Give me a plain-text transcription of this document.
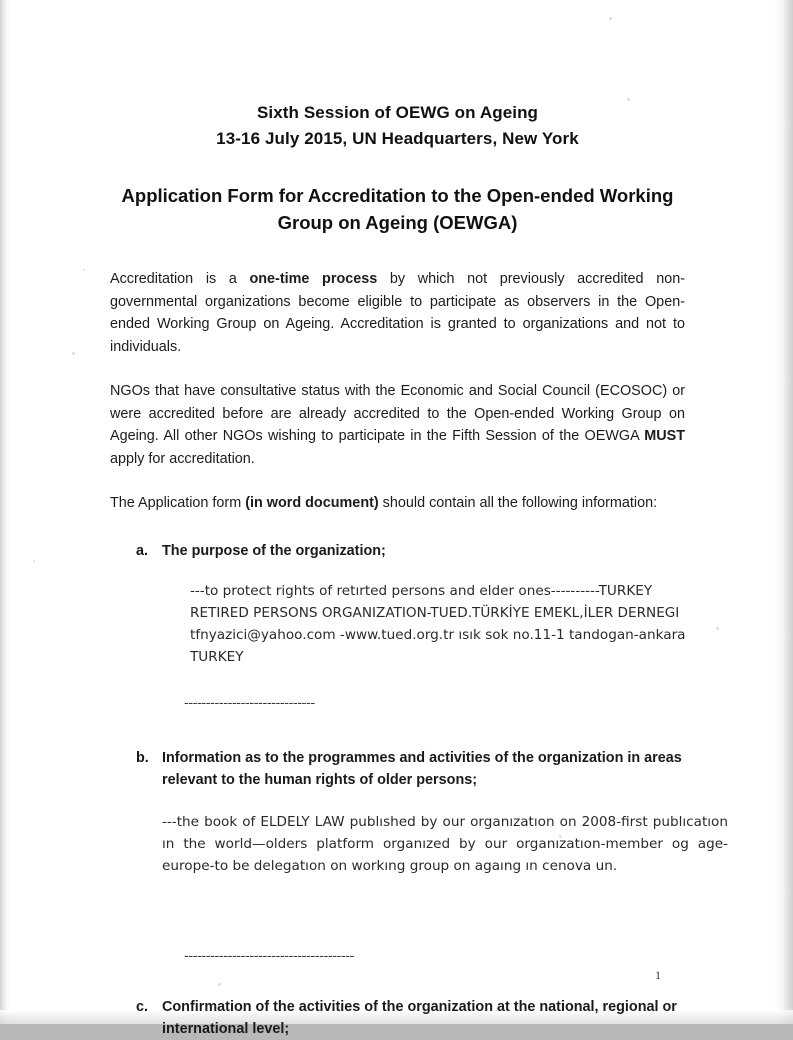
Sixth Session of OEWG on Ageing
13-16 July 2015, UN Headquarters, New York
Application Form for Accreditation to the Open-ended Working
Group on Ageing (OEWGA)

Accreditation is a one-time process by which not previously accredited non-governmental organizations become eligible to participate as observers in the Open-ended Working Group on Ageing. Accreditation is granted to organizations and not to individuals.

NGOs that have consultative status with the Economic and Social Council (ECOSOC) or were accredited before are already accredited to the Open-ended Working Group on Ageing. All other NGOs wishing to participate in the Fifth Session of the OEWGA MUST apply for accreditation.

The Application form (in word document) should contain all the following information:

a. The purpose of the organization;
---to protect rights of retırted persons and elder ones----------TURKEY RETIRED PERSONS ORGANIZATION-TUED.TÜRKİYE EMEKL,İLER DERNEGI tfnyazici@yahoo.com -www.tued.org.tr ısık sok no.11-1 tandogan-ankara TURKEY
------------------------------
b. Information as to the programmes and activities of the organization in areas
relevant to the human rights of older persons;
---the book of ELDELY LAW publıshed by our organızatıon on 2008-first publıcatıon ın the world—olders platform organızed by our organızatıon-member og age-europe-to be delegatıon on workıng group on agaıng ın cenova un.
---------------------------------------
c. Confirmation of the activities of the organization at the national, regional or
international level;
1
